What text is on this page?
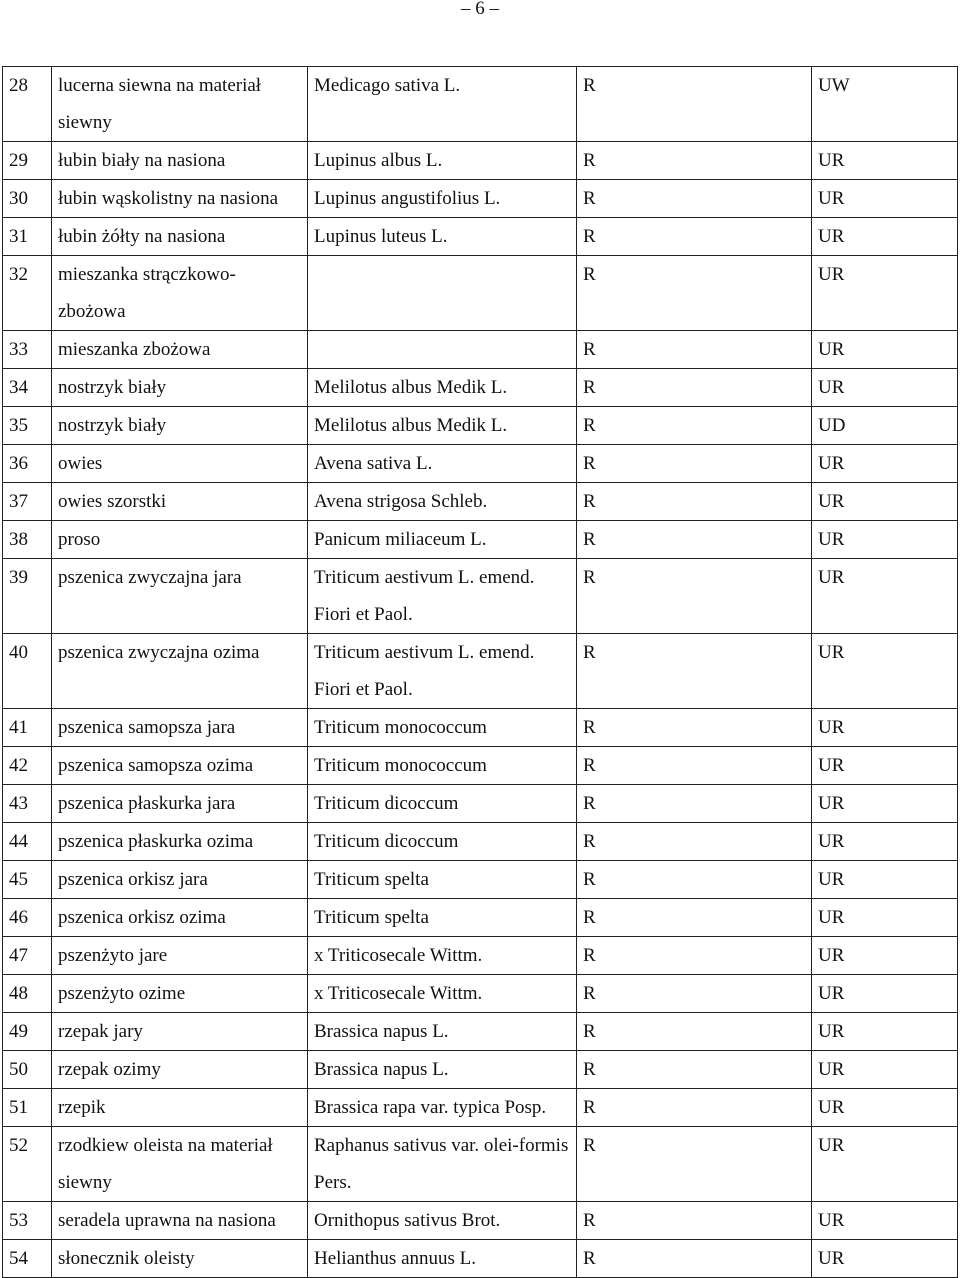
– 6 –
28	lucerna siewna na materiał siewny	Medicago sativa L.	R	UW
29	łubin biały na nasiona	Lupinus albus L.	R	UR
30	łubin wąskolistny na nasiona	Lupinus angustifolius L.	R	UR
31	łubin żółty na nasiona	Lupinus luteus L.	R	UR
32	mieszanka strączkowo-zbożowa		R	UR
33	mieszanka zbożowa		R	UR
34	nostrzyk biały	Melilotus albus Medik L.	R	UR
35	nostrzyk biały	Melilotus albus Medik L.	R	UD
36	owies	Avena sativa L.	R	UR
37	owies szorstki	Avena strigosa Schleb.	R	UR
38	proso	Panicum miliaceum L.	R	UR
39	pszenica zwyczajna jara	Triticum aestivum L. emend. Fiori et Paol.	R	UR
40	pszenica zwyczajna ozima	Triticum aestivum L. emend. Fiori et Paol.	R	UR
41	pszenica samopsza jara	Triticum monococcum	R	UR
42	pszenica samopsza ozima	Triticum monococcum	R	UR
43	pszenica płaskurka jara	Triticum dicoccum	R	UR
44	pszenica płaskurka ozima	Triticum dicoccum	R	UR
45	pszenica orkisz jara	Triticum spelta	R	UR
46	pszenica orkisz ozima	Triticum spelta	R	UR
47	pszenżyto jare	x Triticosecale Wittm.	R	UR
48	pszenżyto ozime	x Triticosecale Wittm.	R	UR
49	rzepak jary	Brassica napus L.	R	UR
50	rzepak ozimy	Brassica napus L.	R	UR
51	rzepik	Brassica rapa var. typica Posp.	R	UR
52	rzodkiew oleista na materiał siewny	Raphanus sativus var. olei-formis Pers.	R	UR
53	seradela uprawna na nasiona	Ornithopus sativus Brot.	R	UR
54	słonecznik oleisty	Helianthus annuus L.	R	UR
